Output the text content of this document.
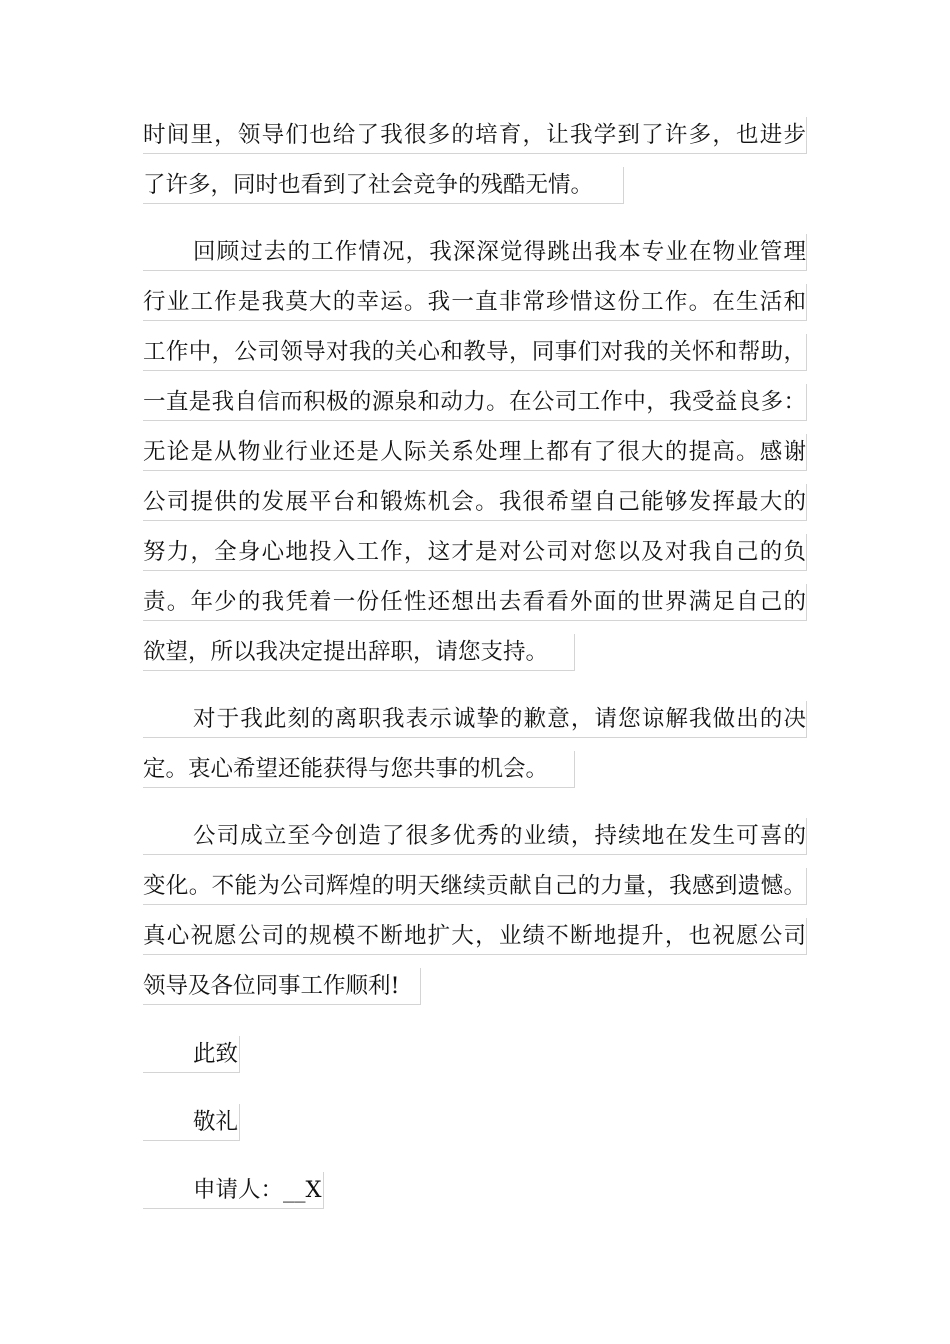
时间里，领导们也给了我很多的培育，让我学到了许多，也进步
了许多，同时也看到了社会竞争的残酷无情。
回顾过去的工作情况，我深深觉得跳出我本专业在物业管理
行业工作是我莫大的幸运。我一直非常珍惜这份工作。在生活和
工作中，公司领导对我的关心和教导，同事们对我的关怀和帮助，
一直是我自信而积极的源泉和动力。在公司工作中，我受益良多：
无论是从物业行业还是人际关系处理上都有了很大的提高。感谢
公司提供的发展平台和锻炼机会。我很希望自己能够发挥最大的
努力，全身心地投入工作，这才是对公司对您以及对我自己的负
责。年少的我凭着一份任性还想出去看看外面的世界满足自己的
欲望，所以我决定提出辞职，请您支持。
对于我此刻的离职我表示诚挚的歉意，请您谅解我做出的决
定。衷心希望还能获得与您共事的机会。
公司成立至今创造了很多优秀的业绩，持续地在发生可喜的
变化。不能为公司辉煌的明天继续贡献自己的力量，我感到遗憾。
真心祝愿公司的规模不断地扩大，业绩不断地提升，也祝愿公司
领导及各位同事工作顺利!
此致
敬礼
申请人：__X
